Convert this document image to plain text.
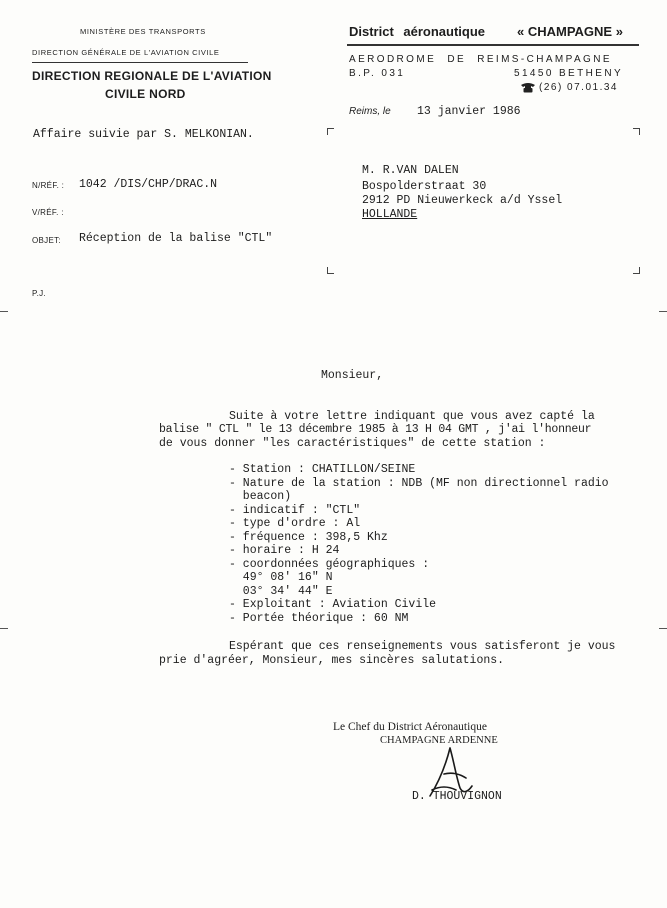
MINISTÈRE DES TRANSPORTS
DIRECTION GÉNÉRALE DE L'AVIATION CIVILE
DIRECTION REGIONALE DE L'AVIATION
CIVILE NORD
Affaire suivie par S. MELKONIAN.
District aéronautique « CHAMPAGNE »
AERODROME DE REIMS-CHAMPAGNE
B.P. 031	51450 BETHENY
(26) 07.01.34
Reims, le 13 janvier 1986
N/RÉF. : 1042 /DIS/CHP/DRAC.N
V/RÉF. :
OBJET: Réception de la balise "CTL"
P.J.
M. R.VAN DALEN
Bospolderstraat 30
2912 PD Nieuwerkeck a/d Yssel
HOLLANDE
Monsieur,
Suite à votre lettre indiquant que vous avez capté la
balise " CTL " le 13 décembre 1985 à 13 H 04 GMT , j'ai l'honneur
de vous donner "les caractéristiques" de cette station :
- Station : CHATILLON/SEINE
- Nature de la station : NDB (MF non directionnel radio
beacon)
- indicatif : "CTL"
- type d'ordre : Al
- fréquence : 398,5 Khz
- horaire : H 24
- coordonnées géographiques :
49° 08' 16" N
03° 34' 44" E
- Exploitant : Aviation Civile
- Portée théorique : 60 NM
Espérant que ces renseignements vous satisferont je vous
prie d'agréer, Monsieur, mes sincères salutations.
Le Chef du District Aéronautique
CHAMPAGNE ARDENNE
D. THOUVIGNON
